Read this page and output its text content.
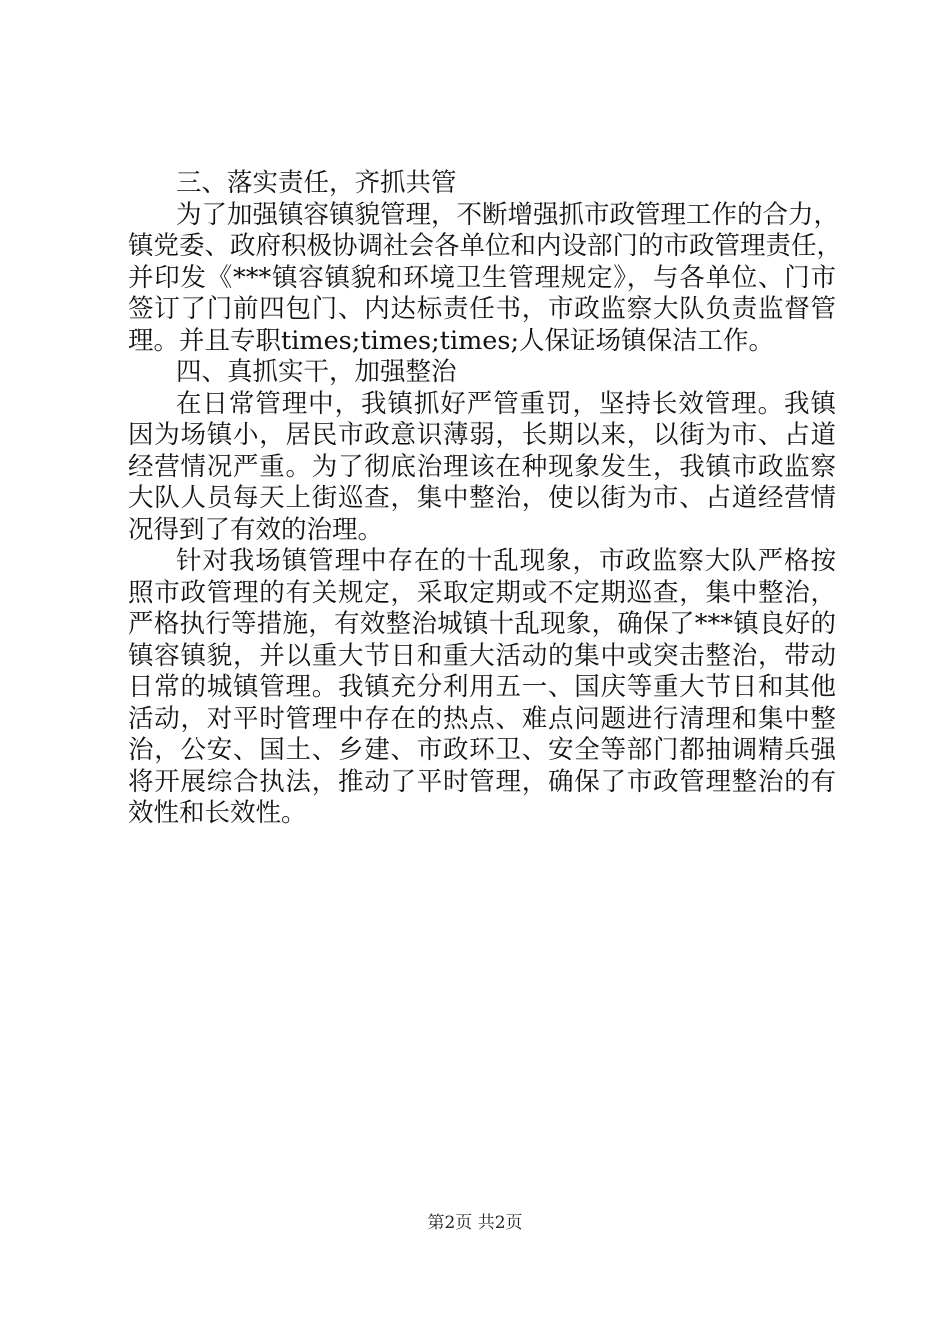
三、落实责任，齐抓共管
为了加强镇容镇貌管理，不断增强抓市政管理工作的合力，
镇党委、政府积极协调社会各单位和内设部门的市政管理责任，
并印发《***镇容镇貌和环境卫生管理规定》，与各单位、门市
签订了门前四包门、内达标责任书，市政监察大队负责监督管
理。并且专职times;times;times;人保证场镇保洁工作。
四、真抓实干，加强整治
在日常管理中，我镇抓好严管重罚，坚持长效管理。我镇
因为场镇小，居民市政意识薄弱，长期以来，以街为市、占道
经营情况严重。为了彻底治理该在种现象发生，我镇市政监察
大队人员每天上街巡查，集中整治，使以街为市、占道经营情
况得到了有效的治理。
针对我场镇管理中存在的十乱现象，市政监察大队严格按
照市政管理的有关规定，采取定期或不定期巡查，集中整治，
严格执行等措施，有效整治城镇十乱现象，确保了***镇良好的
镇容镇貌，并以重大节日和重大活动的集中或突击整治，带动
日常的城镇管理。我镇充分利用五一、国庆等重大节日和其他
活动，对平时管理中存在的热点、难点问题进行清理和集中整
治，公安、国土、乡建、市政环卫、安全等部门都抽调精兵强
将开展综合执法，推动了平时管理，确保了市政管理整治的有
效性和长效性。
第2页 共2页
